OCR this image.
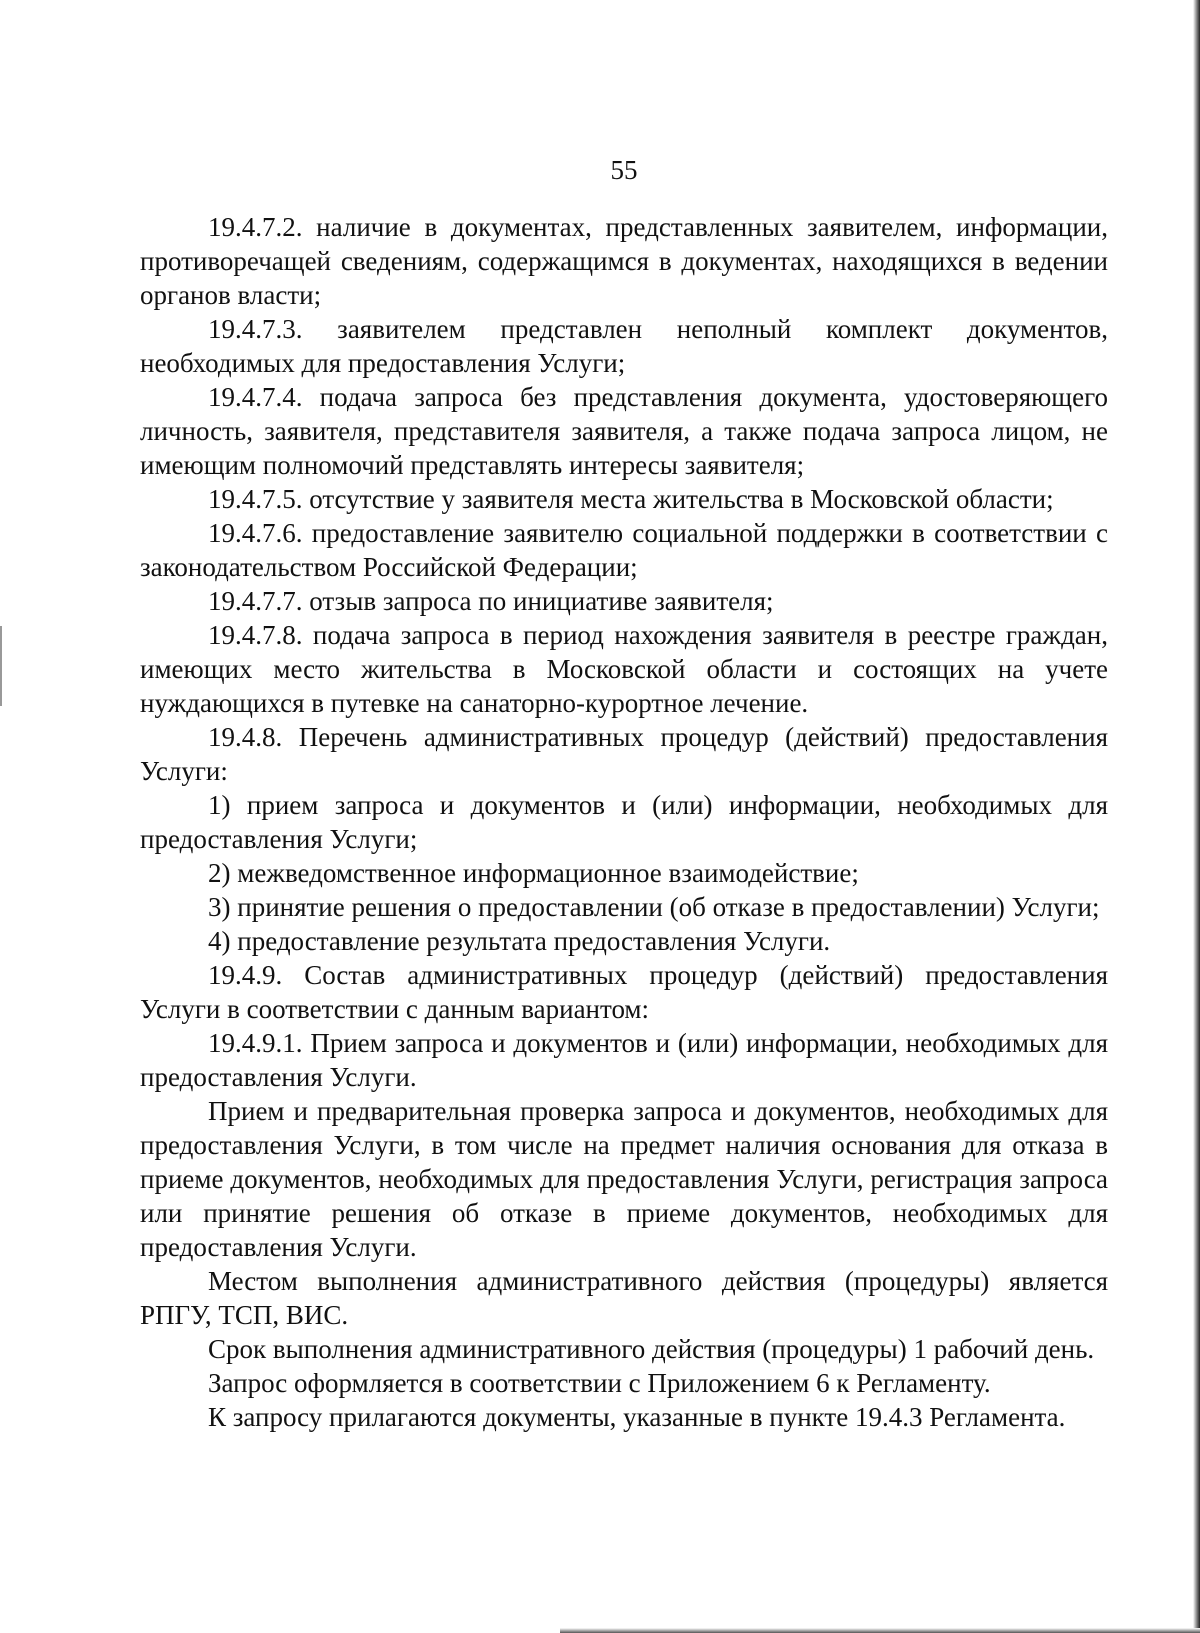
55

19.4.7.2. наличие в документах, представленных заявителем, информации, противоречащей сведениям, содержащимся в документах, находящихся в ведении органов власти;

19.4.7.3. заявителем представлен неполный комплект документов, необходимых для предоставления Услуги;

19.4.7.4. подача запроса без представления документа, удостоверяющего личность, заявителя, представителя заявителя, а также подача запроса лицом, не имеющим полномочий представлять интересы заявителя;

19.4.7.5. отсутствие у заявителя места жительства в Московской области;

19.4.7.6. предоставление заявителю социальной поддержки в соответствии с законодательством Российской Федерации;

19.4.7.7. отзыв запроса по инициативе заявителя;

19.4.7.8. подача запроса в период нахождения заявителя в реестре граждан, имеющих место жительства в Московской области и состоящих на учете нуждающихся в путевке на санаторно-курортное лечение.

19.4.8. Перечень административных процедур (действий) предоставления Услуги:

1) прием запроса и документов и (или) информации, необходимых для предоставления Услуги;

2) межведомственное информационное взаимодействие;

3) принятие решения о предоставлении (об отказе в предоставлении) Услуги;

4) предоставление результата предоставления Услуги.

19.4.9. Состав административных процедур (действий) предоставления Услуги в соответствии с данным вариантом:

19.4.9.1. Прием запроса и документов и (или) информации, необходимых для предоставления Услуги.

Прием и предварительная проверка запроса и документов, необходимых для предоставления Услуги, в том числе на предмет наличия основания для отказа в приеме документов, необходимых для предоставления Услуги, регистрация запроса или принятие решения об отказе в приеме документов, необходимых для предоставления Услуги.

Местом выполнения административного действия (процедуры) является РПГУ, ТСП, ВИС.

Срок выполнения административного действия (процедуры) 1 рабочий день.

Запрос оформляется в соответствии с Приложением 6 к Регламенту.

К запросу прилагаются документы, указанные в пункте 19.4.3 Регламента.
